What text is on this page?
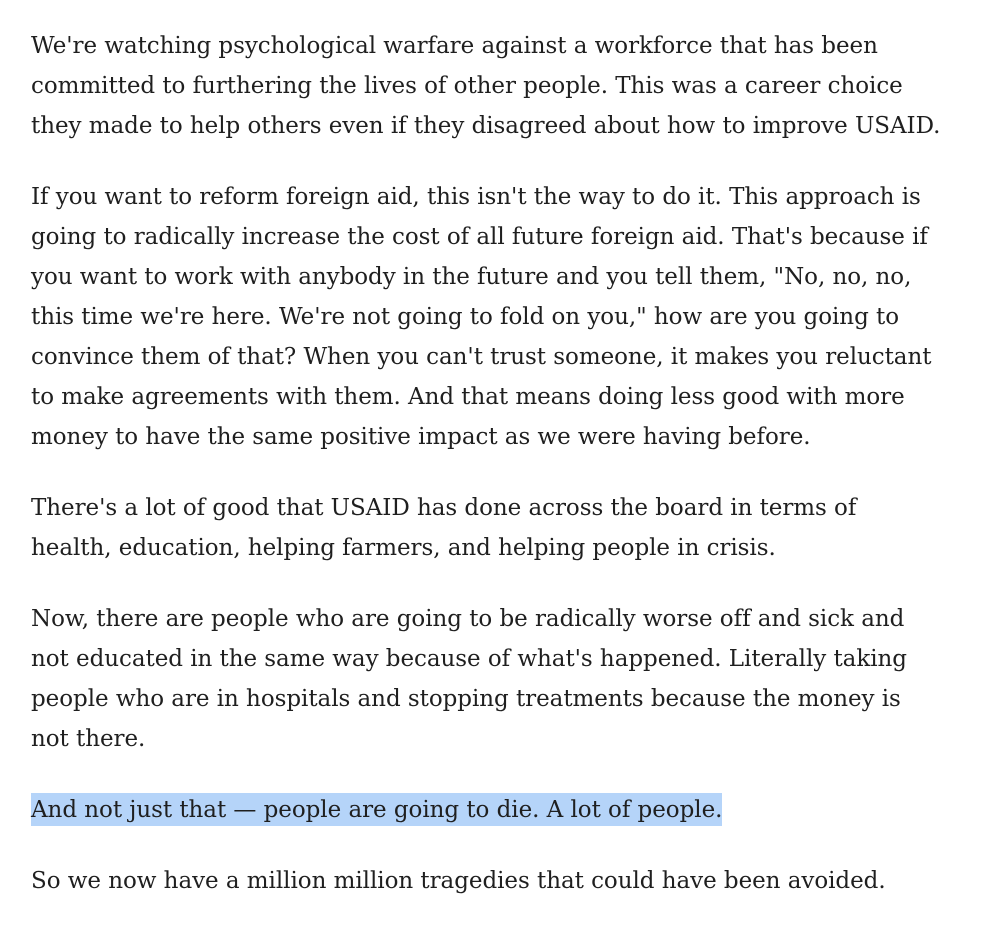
We're watching psychological warfare against a workforce that has been
committed to furthering the lives of other people. This was a career choice
they made to help others even if they disagreed about how to improve USAID.

If you want to reform foreign aid, this isn't the way to do it. This approach is
going to radically increase the cost of all future foreign aid. That's because if
you want to work with anybody in the future and you tell them, "No, no, no,
this time we're here. We're not going to fold on you," how are you going to
convince them of that? When you can't trust someone, it makes you reluctant
to make agreements with them. And that means doing less good with more
money to have the same positive impact as we were having before.

There's a lot of good that USAID has done across the board in terms of
health, education, helping farmers, and helping people in crisis.

Now, there are people who are going to be radically worse off and sick and
not educated in the same way because of what's happened. Literally taking
people who are in hospitals and stopping treatments because the money is
not there.

And not just that — people are going to die. A lot of people.

So we now have a million million tragedies that could have been avoided.
